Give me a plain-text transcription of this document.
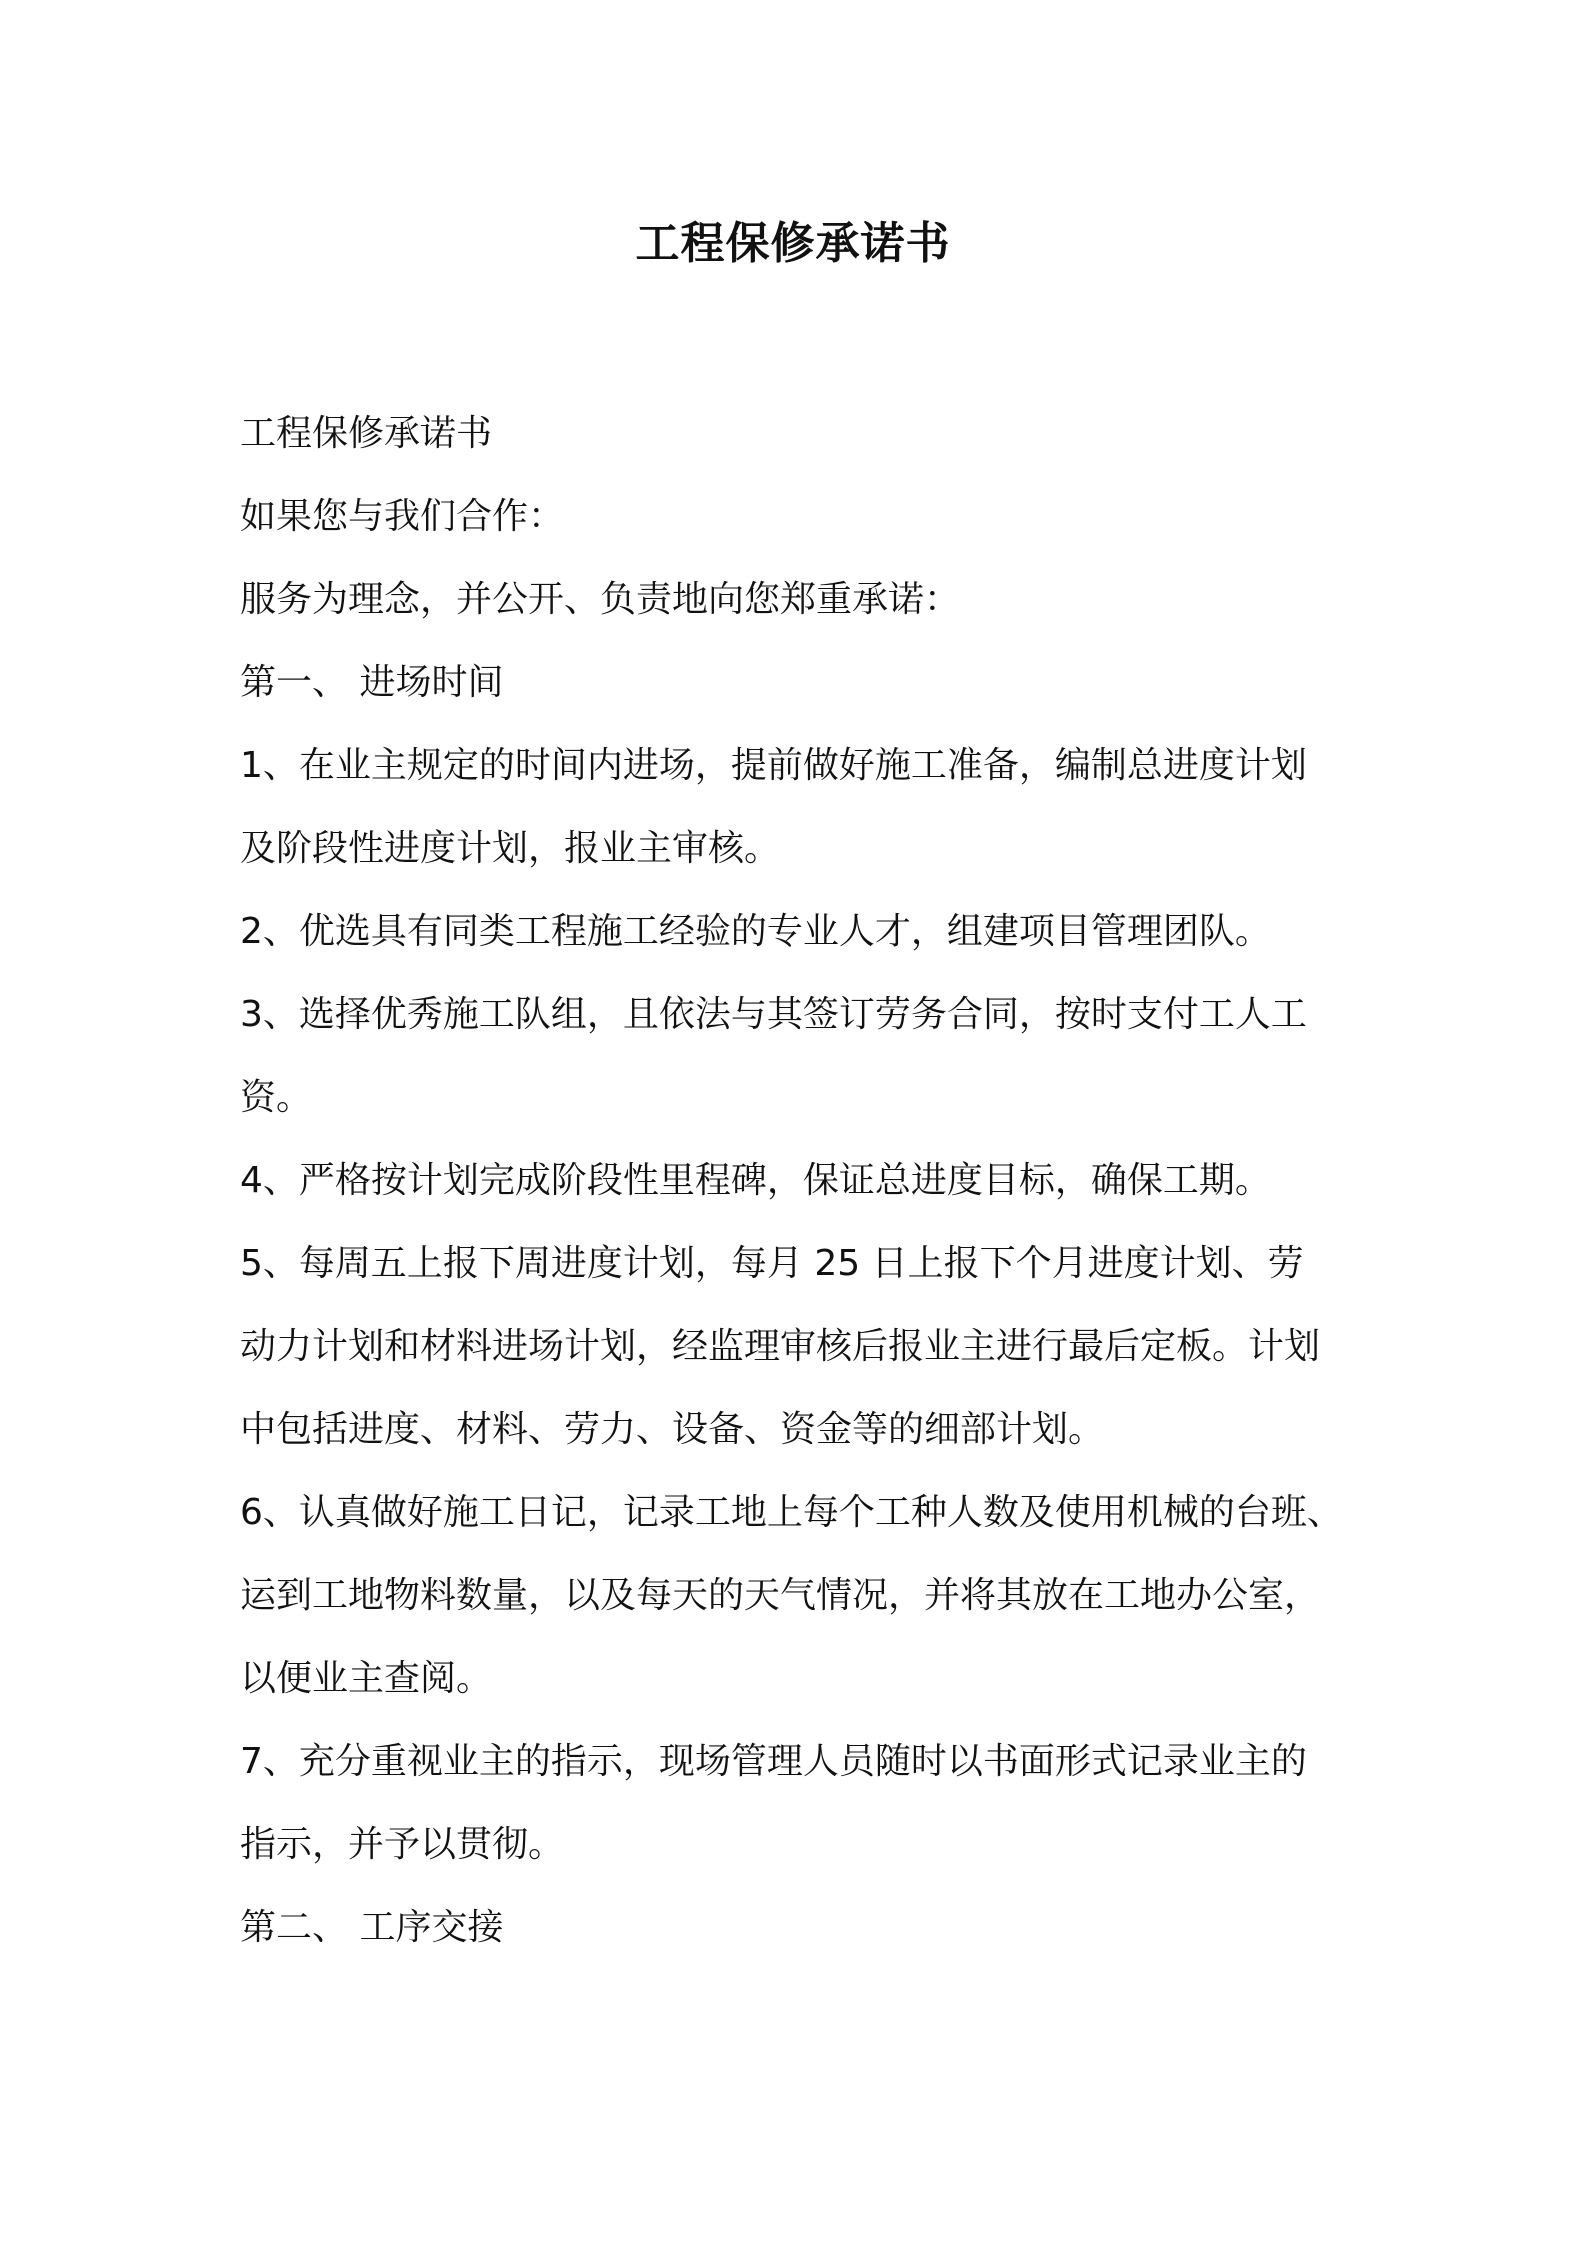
工程保修承诺书
工程保修承诺书
如果您与我们合作：
服务为理念，并公开、负责地向您郑重承诺：
第一、 进场时间
1、在业主规定的时间内进场，提前做好施工准备，编制总进度计划
及阶段性进度计划，报业主审核。
2、优选具有同类工程施工经验的专业人才，组建项目管理团队。
3、选择优秀施工队组，且依法与其签订劳务合同，按时支付工人工
资。
4、严格按计划完成阶段性里程碑，保证总进度目标，确保工期。
5、每周五上报下周进度计划，每月 25 日上报下个月进度计划、劳
动力计划和材料进场计划，经监理审核后报业主进行最后定板。计划
中包括进度、材料、劳力、设备、资金等的细部计划。
6、认真做好施工日记，记录工地上每个工种人数及使用机械的台班、
运到工地物料数量，以及每天的天气情况，并将其放在工地办公室，
以便业主查阅。
7、充分重视业主的指示，现场管理人员随时以书面形式记录业主的
指示，并予以贯彻。
第二、 工序交接
